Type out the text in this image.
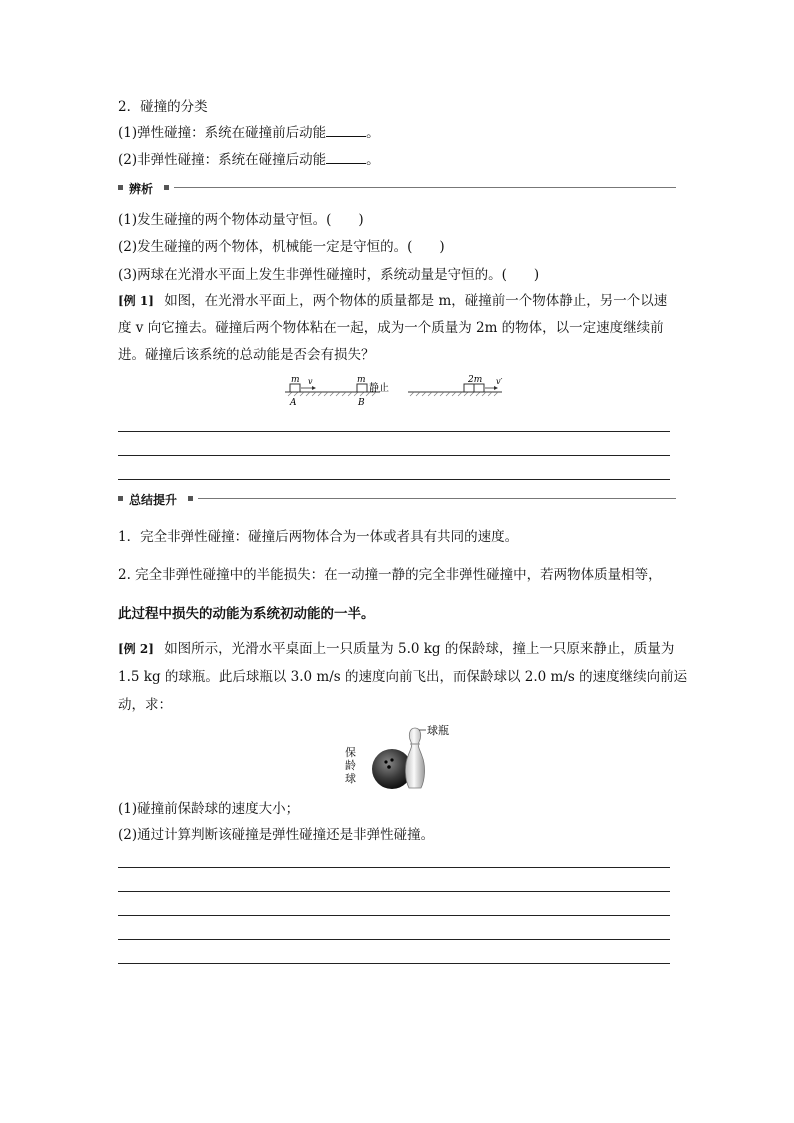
2．碰撞的分类
(1)弹性碰撞：系统在碰撞前后动能	。
(2)非弹性碰撞：系统在碰撞后动能	。
辨析
(1)发生碰撞的两个物体动量守恒。(　　)
(2)发生碰撞的两个物体，机械能一定是守恒的。(　　)
(3)两球在光滑水平面上发生非弹性碰撞时，系统动量是守恒的。(　　)
[例 1] 如图，在光滑水平面上，两个物体的质量都是 m，碰撞前一个物体静止，另一个以速
度 v 向它撞去。碰撞后两个物体粘在一起，成为一个质量为 2m 的物体，以一定速度继续前
进。碰撞后该系统的总动能是否会有损失？
m v
A
m
静止
B
2m v′
总结提升
1．完全非弹性碰撞：碰撞后两物体合为一体或者具有共同的速度。
2. 完全非弹性碰撞中的半能损失：在一动撞一静的完全非弹性碰撞中，若两物体质量相等，
此过程中损失的动能为系统初动能的一半。
[例 2] 如图所示，光滑水平桌面上一只质量为 5.0 kg 的保龄球，撞上一只原来静止，质量为
1.5 kg 的球瓶。此后球瓶以 3.0 m/s 的速度向前飞出，而保龄球以 2.0 m/s 的速度继续向前运
动，求：
球瓶
保龄球
(1)碰撞前保龄球的速度大小；
(2)通过计算判断该碰撞是弹性碰撞还是非弹性碰撞。
